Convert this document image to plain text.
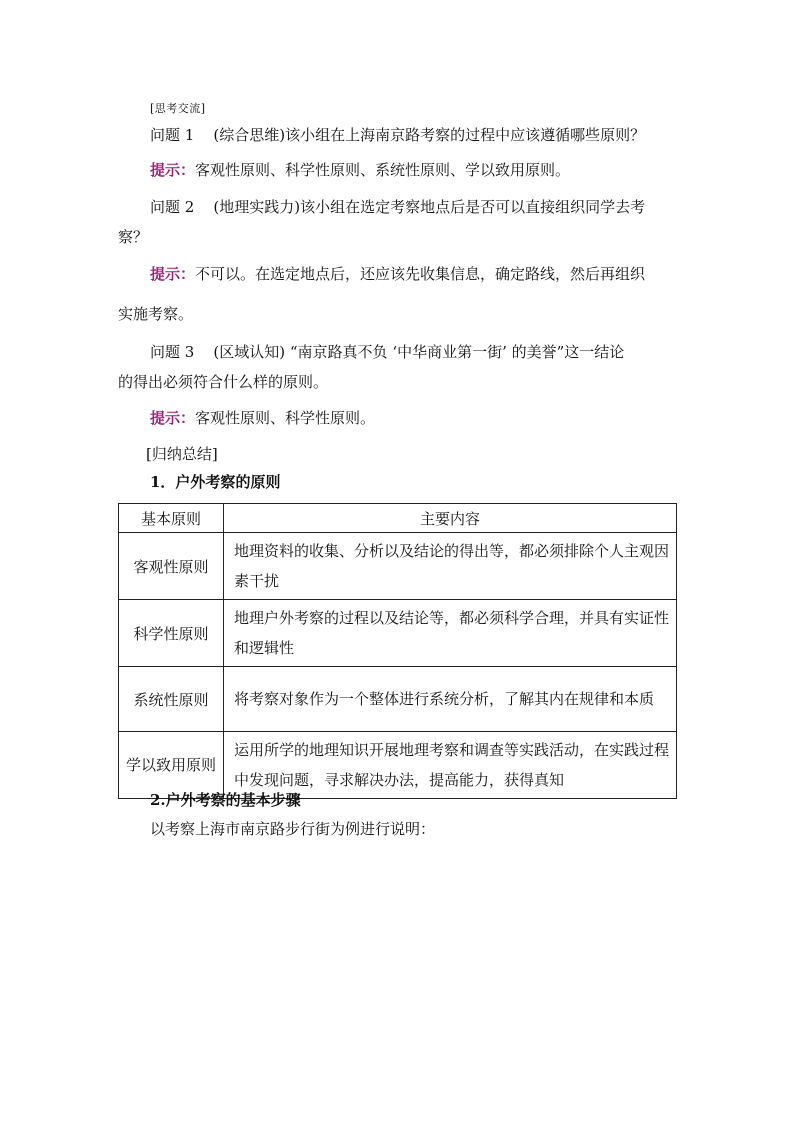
[思考交流]
问题 1 (综合思维)该小组在上海南京路考察的过程中应该遵循哪些原则？
提示：客观性原则、科学性原则、系统性原则、学以致用原则。
问题 2 (地理实践力)该小组在选定考察地点后是否可以直接组织同学去考
察？
提示：不可以。在选定地点后，还应该先收集信息，确定路线，然后再组织
实施考察。
问题 3 (区域认知) “南京路真不负 ‘中华商业第一街’ 的美誉”这一结论
的得出必须符合什么样的原则。
提示：客观性原则、科学性原则。
[归纳总结]
1．户外考察的原则
基本原则	主要内容
客观性原则	地理资料的收集、分析以及结论的得出等，都必须排除个人主观因素干扰
科学性原则	地理户外考察的过程以及结论等，都必须科学合理，并具有实证性和逻辑性
系统性原则	将考察对象作为一个整体进行系统分析，了解其内在规律和本质
学以致用原则	运用所学的地理知识开展地理考察和调查等实践活动，在实践过程中发现问题，寻求解决办法，提高能力，获得真知
2.户外考察的基本步骤
以考察上海市南京路步行街为例进行说明：
